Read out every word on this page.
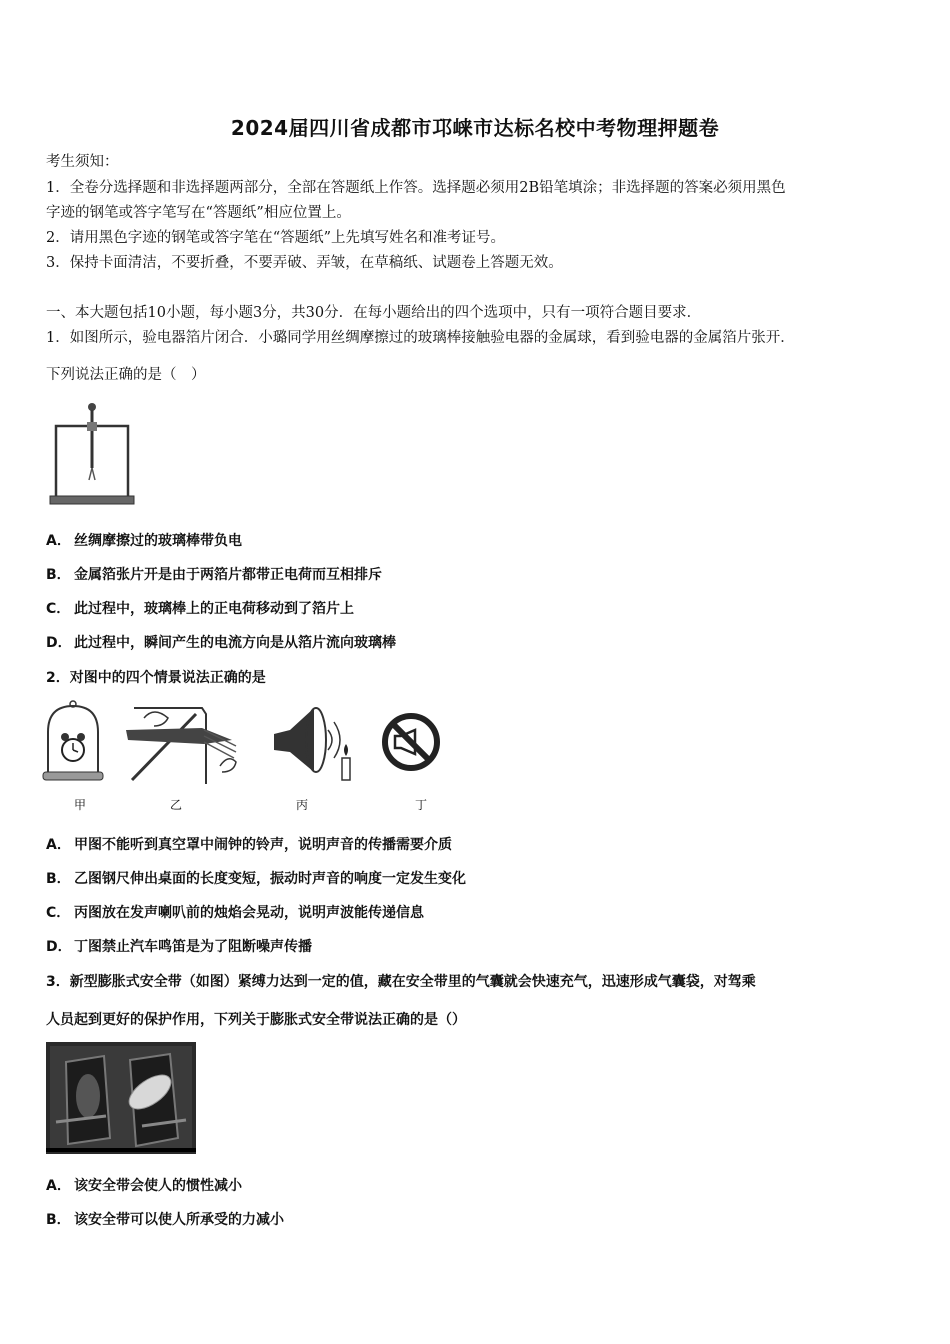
2024届四川省成都市邛崃市达标名校中考物理押题卷
考生须知：
1．全卷分选择题和非选择题两部分，全部在答题纸上作答。选择题必须用2B铅笔填涂；非选择题的答案必须用黑色
字迹的钢笔或答字笔写在“答题纸”相应位置上。
2．请用黑色字迹的钢笔或答字笔在“答题纸”上先填写姓名和准考证号。
3．保持卡面清洁，不要折叠，不要弄破、弄皱，在草稿纸、试题卷上答题无效。
一、本大题包括10小题，每小题3分，共30分．在每小题给出的四个选项中，只有一项符合题目要求．
1．如图所示，验电器箔片闭合．小璐同学用丝绸摩擦过的玻璃棒接触验电器的金属球，看到验电器的金属箔片张开．
下列说法正确的是（　）
A． 丝绸摩擦过的玻璃棒带负电
B． 金属箔张片开是由于两箔片都带正电荷而互相排斥
C． 此过程中，玻璃棒上的正电荷移动到了箔片上
D． 此过程中，瞬间产生的电流方向是从箔片流向玻璃棒
2．对图中的四个情景说法正确的是
甲	乙	丙	丁
A． 甲图不能听到真空罩中闹钟的铃声，说明声音的传播需要介质
B． 乙图钢尺伸出桌面的长度变短，振动时声音的响度一定发生变化
C． 丙图放在发声喇叭前的烛焰会晃动，说明声波能传递信息
D． 丁图禁止汽车鸣笛是为了阻断噪声传播
3．新型膨胀式安全带（如图）紧缚力达到一定的值，藏在安全带里的气囊就会快速充气，迅速形成气囊袋，对驾乘
人员起到更好的保护作用，下列关于膨胀式安全带说法正确的是（）
A． 该安全带会使人的惯性减小
B． 该安全带可以使人所承受的力减小
